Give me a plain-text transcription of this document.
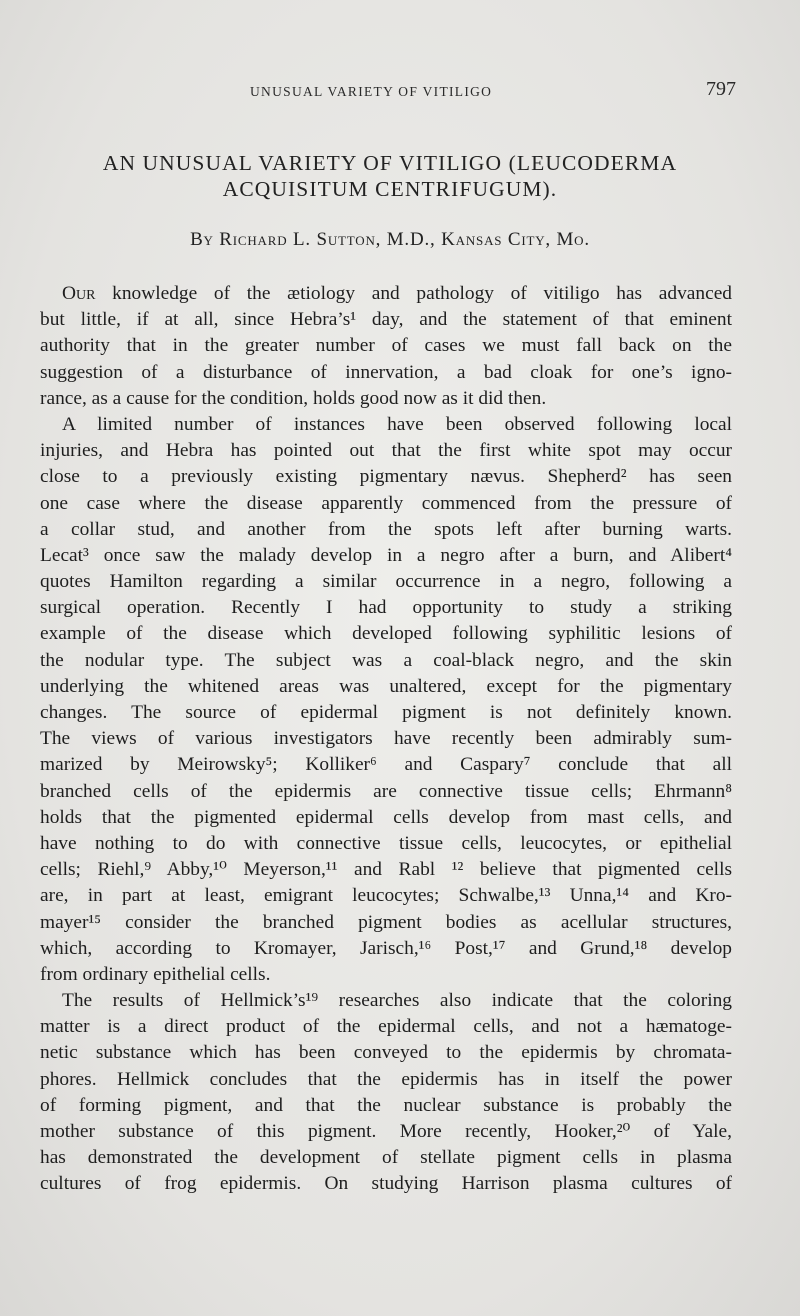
UNUSUAL VARIETY OF VITILIGO	797
AN UNUSUAL VARIETY OF VITILIGO (LEUCODERMA
ACQUISITUM CENTRIFUGUM).
By Richard L. Sutton, M.D., Kansas City, Mo.

Our knowledge of the ætiology and pathology of vitiligo has advanced
but little, if at all, since Hebra’s¹ day, and the statement of that eminent
authority that in the greater number of cases we must fall back on the
suggestion of a disturbance of innervation, a bad cloak for one’s igno-
rance, as a cause for the condition, holds good now as it did then.

A limited number of instances have been observed following local
injuries, and Hebra has pointed out that the first white spot may occur
close to a previously existing pigmentary nævus. Shepherd² has seen
one case where the disease apparently commenced from the pressure of
a collar stud, and another from the spots left after burning warts.
Lecat³ once saw the malady develop in a negro after a burn, and Alibert⁴
quotes Hamilton regarding a similar occurrence in a negro, following a
surgical operation. Recently I had opportunity to study a striking
example of the disease which developed following syphilitic lesions of
the nodular type. The subject was a coal-black negro, and the skin
underlying the whitened areas was unaltered, except for the pigmentary
changes. The source of epidermal pigment is not definitely known.
The views of various investigators have recently been admirably sum-
marized by Meirowsky⁵; Kolliker⁶ and Caspary⁷ conclude that all
branched cells of the epidermis are connective tissue cells; Ehrmann⁸
holds that the pigmented epidermal cells develop from mast cells, and
have nothing to do with connective tissue cells, leucocytes, or epithelial
cells; Riehl,⁹ Abby,¹⁰ Meyerson,¹¹ and Rabl ¹² believe that pigmented cells
are, in part at least, emigrant leucocytes; Schwalbe,¹³ Unna,¹⁴ and Kro-
mayer¹⁵ consider the branched pigment bodies as acellular structures,
which, according to Kromayer, Jarisch,¹⁶ Post,¹⁷ and Grund,¹⁸ develop
from ordinary epithelial cells.

The results of Hellmick’s¹⁹ researches also indicate that the coloring
matter is a direct product of the epidermal cells, and not a hæmatoge-
netic substance which has been conveyed to the epidermis by chromata-
phores. Hellmick concludes that the epidermis has in itself the power
of forming pigment, and that the nuclear substance is probably the
mother substance of this pigment. More recently, Hooker,²⁰ of Yale,
has demonstrated the development of stellate pigment cells in plasma
cultures of frog epidermis. On studying Harrison plasma cultures of
